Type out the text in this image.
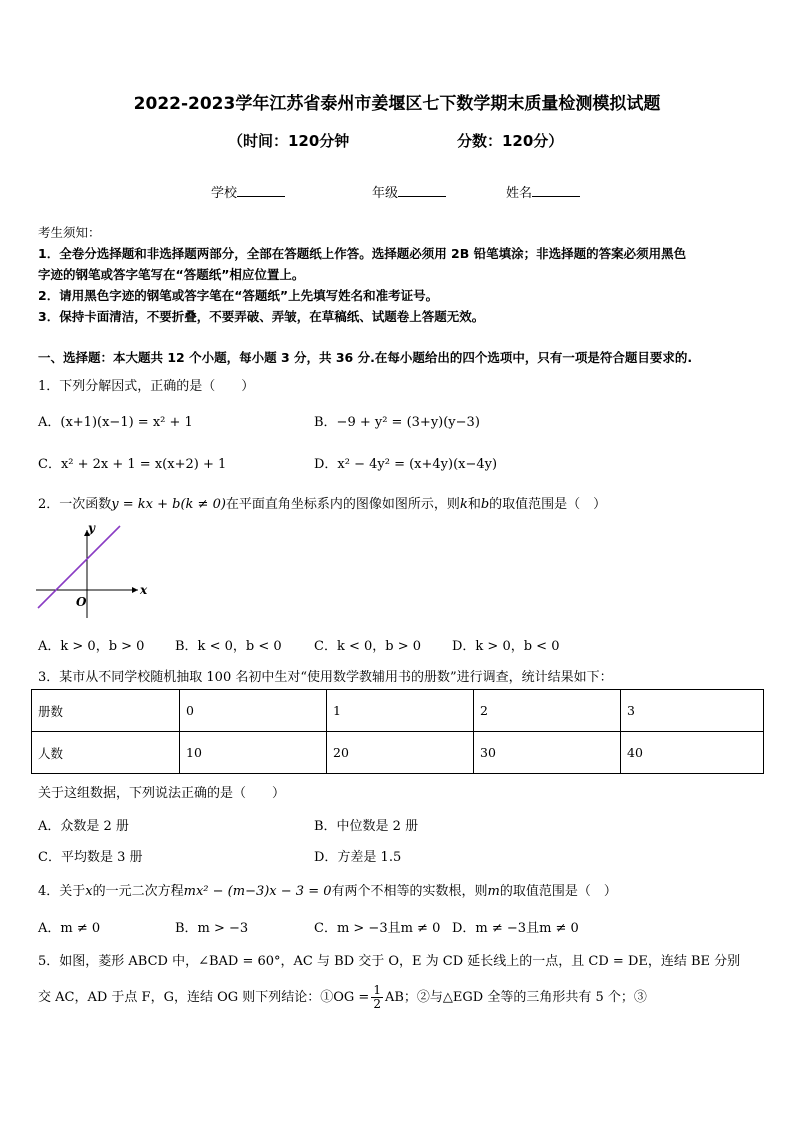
2022-2023学年江苏省泰州市姜堰区七下数学期末质量检测模拟试题
（时间：120分钟	分数：120分）
学校	年级	姓名
考生须知：
1．全卷分选择题和非选择题两部分，全部在答题纸上作答。选择题必须用 2B 铅笔填涂；非选择题的答案必须用黑色
字迹的钢笔或答字笔写在“答题纸”相应位置上。
2．请用黑色字迹的钢笔或答字笔在“答题纸”上先填写姓名和准考证号。
3．保持卡面清洁，不要折叠，不要弄破、弄皱，在草稿纸、试题卷上答题无效。
一、选择题：本大题共 12 个小题，每小题 3 分，共 36 分.在每小题给出的四个选项中，只有一项是符合题目要求的.
1．下列分解因式，正确的是（　　）
A．(x+1)(x−1) = x² + 1	B．−9 + y² = (3+y)(y−3)
C．x² + 2x + 1 = x(x+2) + 1	D．x² − 4y² = (x+4y)(x−4y)
2．一次函数y = kx + b(k ≠ 0)在平面直角坐标系内的图像如图所示，则k和b的取值范围是（　）
y
x
O
A．k > 0，b > 0 B．k < 0，b < 0 C．k < 0，b > 0 D．k > 0，b < 0
3．某市从不同学校随机抽取 100 名初中生对“使用数学教辅用书的册数”进行调查，统计结果如下：
册数	0	1	2	3
人数	10	20	30	40
关于这组数据，下列说法正确的是（　　）
A．众数是 2 册	B．中位数是 2 册
C．平均数是 3 册	D．方差是 1.5
4．关于x的一元二次方程mx² − (m−3)x − 3 = 0有两个不相等的实数根，则m的取值范围是（　）
A．m ≠ 0	B．m > −3	C．m > −3且m ≠ 0 D．m ≠ −3且m ≠ 0
5．如图，菱形 ABCD 中，∠BAD = 60°，AC 与 BD 交于 O，E 为 CD 延长线上的一点，且 CD = DE，连结 BE 分别
交 AC，AD 于点 F，G，连结 OG 则下列结论：①OG = $\frac{1}{2}$ AB；②与△EGD 全等的三角形共有 5 个；③
